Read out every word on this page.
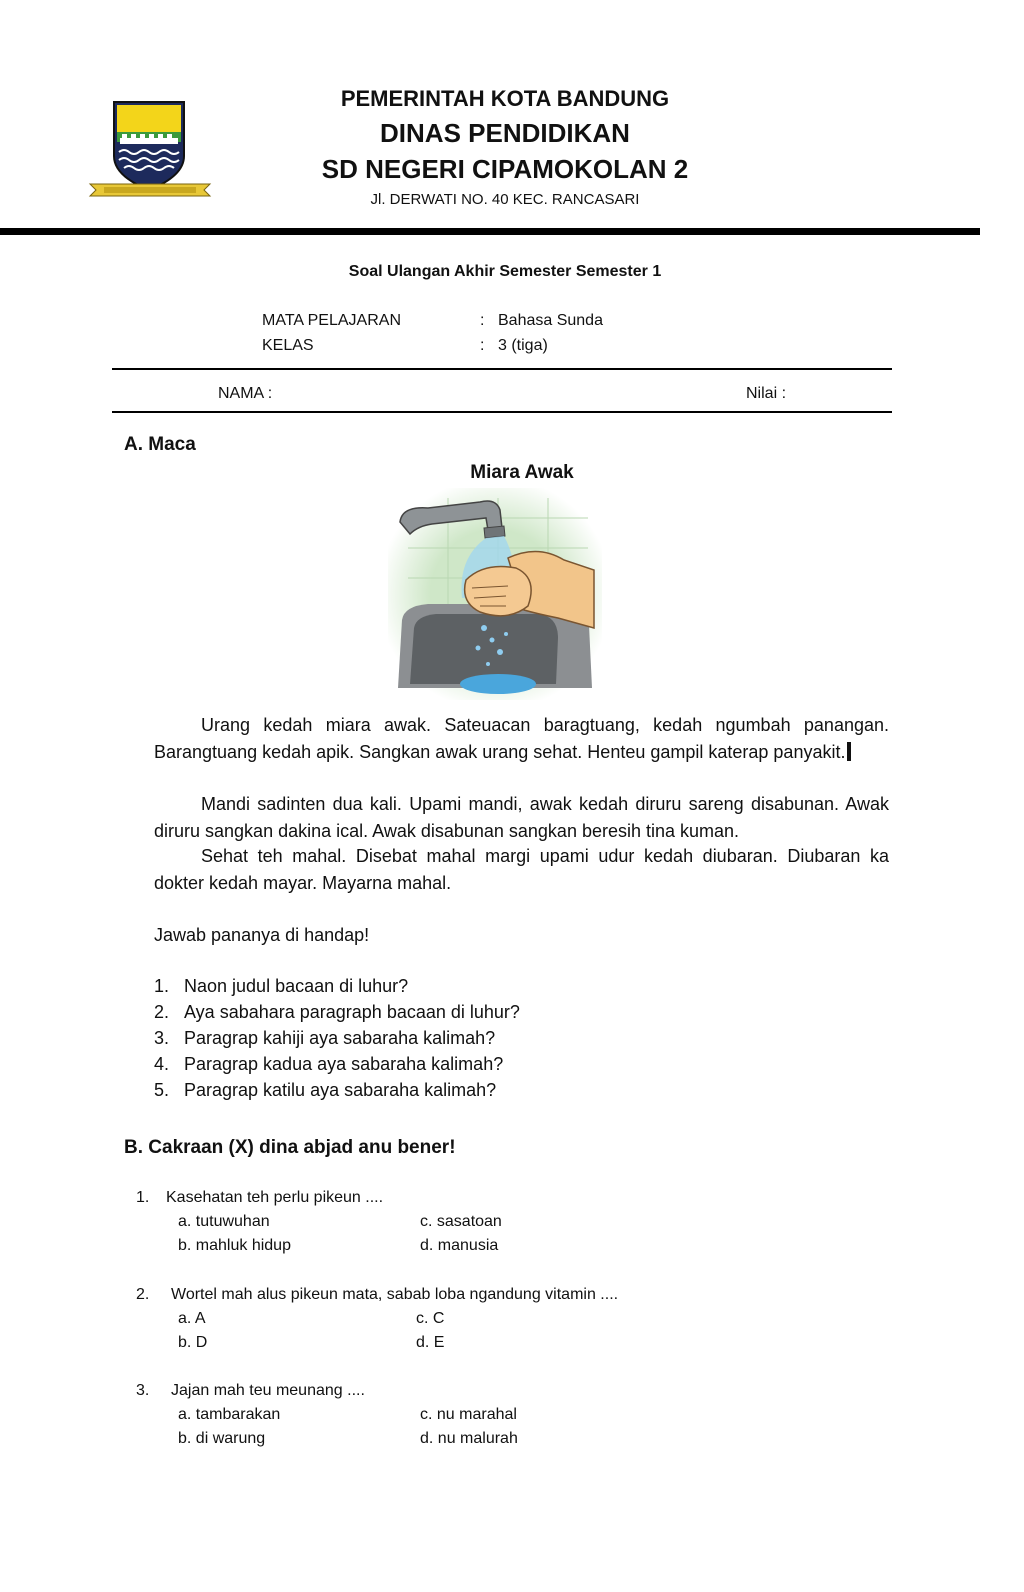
PEMERINTAH KOTA BANDUNG
DINAS PENDIDIKAN
SD NEGERI CIPAMOKOLAN 2
Jl. DERWATI NO. 40 KEC. RANCASARI
Soal Ulangan Akhir Semester Semester 1
MATA PELAJARAN	: Bahasa Sunda
KELAS	: 3 (tiga)
NAMA :	Nilai :
A. Maca
Miara Awak
Urang kedah miara awak. Sateuacan baragtuang, kedah ngumbah panangan. Barangtuang kedah apik. Sangkan awak urang sehat. Henteu gampil katerap panyakit.
Mandi sadinten dua kali. Upami mandi, awak kedah diruru sareng disabunan. Awak diruru sangkan dakina ical. Awak disabunan sangkan beresih tina kuman.
Sehat teh mahal. Disebat mahal margi upami udur kedah diubaran. Diubaran ka dokter kedah mayar. Mayarna mahal.
Jawab pananya di handap!
1. Naon judul bacaan di luhur?
2. Aya sabahara paragraph bacaan di luhur?
3. Paragrap kahiji aya sabaraha kalimah?
4. Paragrap kadua aya sabaraha kalimah?
5. Paragrap katilu aya sabaraha kalimah?
B. Cakraan (X) dina abjad anu bener!
1. Kasehatan teh perlu pikeun ....
a. tutuwuhan
b. mahluk hidup
c. sasatoan
d. manusia
2. Wortel mah alus pikeun mata, sabab loba ngandung vitamin ....
a. A
b. D
c. C
d. E
3. Jajan mah teu meunang ....
a. tambarakan
b. di warung
c. nu marahal
d. nu malurah
